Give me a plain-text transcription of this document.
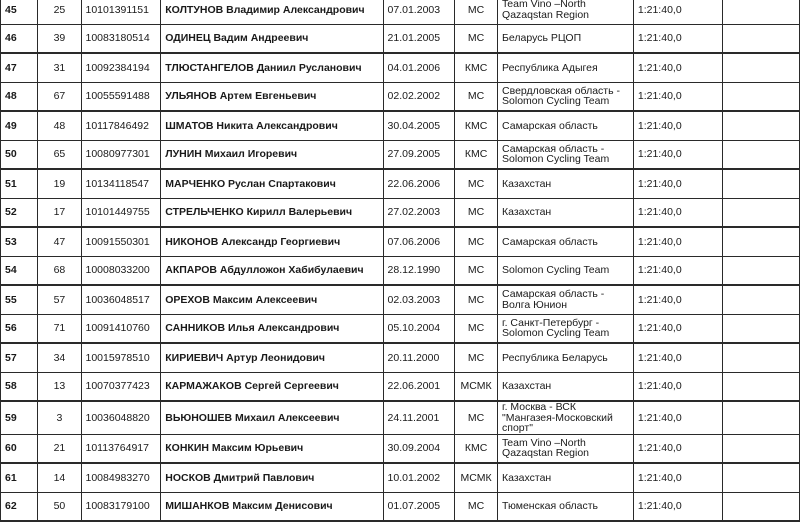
45	25	10101391151	КОЛТУНОВ Владимир Александрович	07.01.2003	МС	Team Vino –North Qazaqstan Region	1:21:40,0	
46	39	10083180514	ОДИНЕЦ Вадим Андреевич	21.01.2005	МС	Беларусь РЦОП	1:21:40,0	
47	31	10092384194	ТЛЮСТАНГЕЛОВ Даниил Русланович	04.01.2006	КМС	Республика Адыгея	1:21:40,0	
48	67	10055591488	УЛЬЯНОВ Артем Евгеньевич	02.02.2002	МС	Свердловская область - Solomon Cycling Team	1:21:40,0	
49	48	10117846492	ШМАТОВ Никита Александрович	30.04.2005	КМС	Самарская область	1:21:40,0	
50	65	10080977301	ЛУНИН Михаил Игоревич	27.09.2005	КМС	Самарская область - Solomon Cycling Team	1:21:40,0	
51	19	10134118547	МАРЧЕНКО Руслан Спартакович	22.06.2006	МС	Казахстан	1:21:40,0	
52	17	10101449755	СТРЕЛЬЧЕНКО Кирилл Валерьевич	27.02.2003	МС	Казахстан	1:21:40,0	
53	47	10091550301	НИКОНОВ Александр Георгиевич	07.06.2006	МС	Самарская область	1:21:40,0	
54	68	10008033200	АКПАРОВ Абдулложон Хабибулаевич	28.12.1990	МС	Solomon Cycling Team	1:21:40,0	
55	57	10036048517	ОРЕХОВ Максим Алексеевич	02.03.2003	МС	Самарская область - Волга Юнион	1:21:40,0	
56	71	10091410760	САННИКОВ Илья Александрович	05.10.2004	МС	г. Санкт-Петербург - Solomon Cycling Team	1:21:40,0	
57	34	10015978510	КИРИЕВИЧ Артур Леонидович	20.11.2000	МС	Республика Беларусь	1:21:40,0	
58	13	10070377423	КАРМАЖАКОВ Сергей Сергеевич	22.06.2001	МСМК	Казахстан	1:21:40,0	
59	3	10036048820	ВЬЮНОШЕВ Михаил Алексеевич	24.11.2001	МС	г. Москва - ВСК "Мангазея-Московский спорт"	1:21:40,0	
60	21	10113764917	КОНКИН Максим Юрьевич	30.09.2004	КМС	Team Vino –North Qazaqstan Region	1:21:40,0	
61	14	10084983270	НОСКОВ Дмитрий Павлович	10.01.2002	МСМК	Казахстан	1:21:40,0	
62	50	10083179100	МИШАНКОВ Максим Денисович	01.07.2005	МС	Тюменская область	1:21:40,0	
